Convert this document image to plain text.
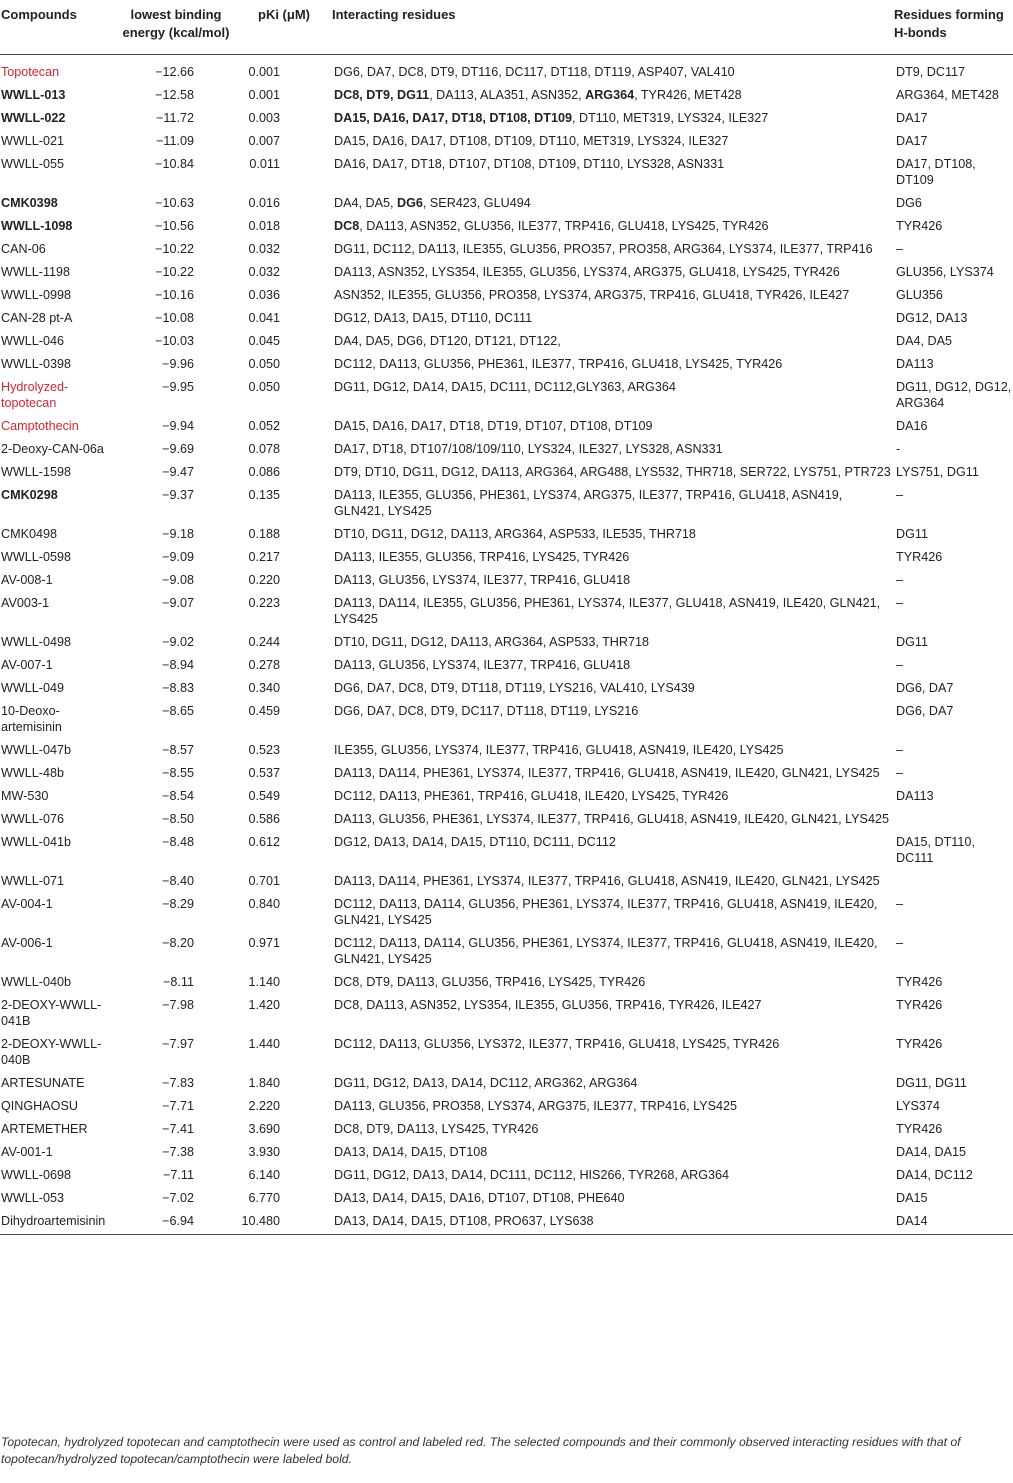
Compounds	lowest binding energy (kcal/mol)	pKi (μM)	Interacting residues	Residues forming H-bonds
Topotecan	−12.66	0.001	DG6, DA7, DC8, DT9, DT116, DC117, DT118, DT119, ASP407, VAL410	DT9, DC117
WWLL-013	−12.58	0.001	DC8, DT9, DG11, DA113, ALA351, ASN352, ARG364, TYR426, MET428	ARG364, MET428
WWLL-022	−11.72	0.003	DA15, DA16, DA17, DT18, DT108, DT109, DT110, MET319, LYS324, ILE327	DA17
WWLL-021	−11.09	0.007	DA15, DA16, DA17, DT108, DT109, DT110, MET319, LYS324, ILE327	DA17
WWLL-055	−10.84	0.011	DA16, DA17, DT18, DT107, DT108, DT109, DT110, LYS328, ASN331	DA17, DT108, DT109
CMK0398	−10.63	0.016	DA4, DA5, DG6, SER423, GLU494	DG6
WWLL-1098	−10.56	0.018	DC8, DA113, ASN352, GLU356, ILE377, TRP416, GLU418, LYS425, TYR426	TYR426
CAN-06	−10.22	0.032	DG11, DC112, DA113, ILE355, GLU356, PRO357, PRO358, ARG364, LYS374, ILE377, TRP416	–
WWLL-1198	−10.22	0.032	DA113, ASN352, LYS354, ILE355, GLU356, LYS374, ARG375, GLU418, LYS425, TYR426	GLU356, LYS374
WWLL-0998	−10.16	0.036	ASN352, ILE355, GLU356, PRO358, LYS374, ARG375, TRP416, GLU418, TYR426, ILE427	GLU356
CAN-28 pt-A	−10.08	0.041	DG12, DA13, DA15, DT110, DC111	DG12, DA13
WWLL-046	−10.03	0.045	DA4, DA5, DG6, DT120, DT121, DT122,	DA4, DA5
WWLL-0398	−9.96	0.050	DC112, DA113, GLU356, PHE361, ILE377, TRP416, GLU418, LYS425, TYR426	DA113
Hydrolyzed-topotecan	−9.95	0.050	DG11, DG12, DA14, DA15, DC111, DC112,GLY363, ARG364	DG11, DG12, DG12, ARG364
Camptothecin	−9.94	0.052	DA15, DA16, DA17, DT18, DT19, DT107, DT108, DT109	DA16
2-Deoxy-CAN-06a	−9.69	0.078	DA17, DT18, DT107/108/109/110, LYS324, ILE327, LYS328, ASN331	-
WWLL-1598	−9.47	0.086	DT9, DT10, DG11, DG12, DA113, ARG364, ARG488, LYS532, THR718, SER722, LYS751, PTR723	LYS751, DG11
CMK0298	−9.37	0.135	DA113, ILE355, GLU356, PHE361, LYS374, ARG375, ILE377, TRP416, GLU418, ASN419, GLN421, LYS425	–
CMK0498	−9.18	0.188	DT10, DG11, DG12, DA113, ARG364, ASP533, ILE535, THR718	DG11
WWLL-0598	−9.09	0.217	DA113, ILE355, GLU356, TRP416, LYS425, TYR426	TYR426
AV-008-1	−9.08	0.220	DA113, GLU356, LYS374, ILE377, TRP416, GLU418	–
AV003-1	−9.07	0.223	DA113, DA114, ILE355, GLU356, PHE361, LYS374, ILE377, GLU418, ASN419, ILE420, GLN421, LYS425	–
WWLL-0498	−9.02	0.244	DT10, DG11, DG12, DA113, ARG364, ASP533, THR718	DG11
AV-007-1	−8.94	0.278	DA113, GLU356, LYS374, ILE377, TRP416, GLU418	–
WWLL-049	−8.83	0.340	DG6, DA7, DC8, DT9, DT118, DT119, LYS216, VAL410, LYS439	DG6, DA7
10-Deoxo-artemisinin	−8.65	0.459	DG6, DA7, DC8, DT9, DC117, DT118, DT119, LYS216	DG6, DA7
WWLL-047b	−8.57	0.523	ILE355, GLU356, LYS374, ILE377, TRP416, GLU418, ASN419, ILE420, LYS425	–
WWLL-48b	−8.55	0.537	DA113, DA114, PHE361, LYS374, ILE377, TRP416, GLU418, ASN419, ILE420, GLN421, LYS425	–
MW-530	−8.54	0.549	DC112, DA113, PHE361, TRP416, GLU418, ILE420, LYS425, TYR426	DA113
WWLL-076	−8.50	0.586	DA113, GLU356, PHE361, LYS374, ILE377, TRP416, GLU418, ASN419, ILE420, GLN421, LYS425	
WWLL-041b	−8.48	0.612	DG12, DA13, DA14, DA15, DT110, DC111, DC112	DA15, DT110, DC111
WWLL-071	−8.40	0.701	DA113, DA114, PHE361, LYS374, ILE377, TRP416, GLU418, ASN419, ILE420, GLN421, LYS425	
AV-004-1	−8.29	0.840	DC112, DA113, DA114, GLU356, PHE361, LYS374, ILE377, TRP416, GLU418, ASN419, ILE420, GLN421, LYS425	–
AV-006-1	−8.20	0.971	DC112, DA113, DA114, GLU356, PHE361, LYS374, ILE377, TRP416, GLU418, ASN419, ILE420, GLN421, LYS425	–
WWLL-040b	−8.11	1.140	DC8, DT9, DA113, GLU356, TRP416, LYS425, TYR426	TYR426
2-DEOXY-WWLL-041B	−7.98	1.420	DC8, DA113, ASN352, LYS354, ILE355, GLU356, TRP416, TYR426, ILE427	TYR426
2-DEOXY-WWLL-040B	−7.97	1.440	DC112, DA113, GLU356, LYS372, ILE377, TRP416, GLU418, LYS425, TYR426	TYR426
ARTESUNATE	−7.83	1.840	DG11, DG12, DA13, DA14, DC112, ARG362, ARG364	DG11, DG11
QINGHAOSU	−7.71	2.220	DA113, GLU356, PRO358, LYS374, ARG375, ILE377, TRP416, LYS425	LYS374
ARTEMETHER	−7.41	3.690	DC8, DT9, DA113, LYS425, TYR426	TYR426
AV-001-1	−7.38	3.930	DA13, DA14, DA15, DT108	DA14, DA15
WWLL-0698	−7.11	6.140	DG11, DG12, DA13, DA14, DC111, DC112, HIS266, TYR268, ARG364	DA14, DC112
WWLL-053	−7.02	6.770	DA13, DA14, DA15, DA16, DT107, DT108, PHE640	DA15
Dihydroartemisinin	−6.94	10.480	DA13, DA14, DA15, DT108, PRO637, LYS638	DA14
Topotecan, hydrolyzed topotecan and camptothecin were used as control and labeled red. The selected compounds and their commonly observed interacting residues with that of topotecan/hydrolyzed topotecan/camptothecin were labeled bold.
